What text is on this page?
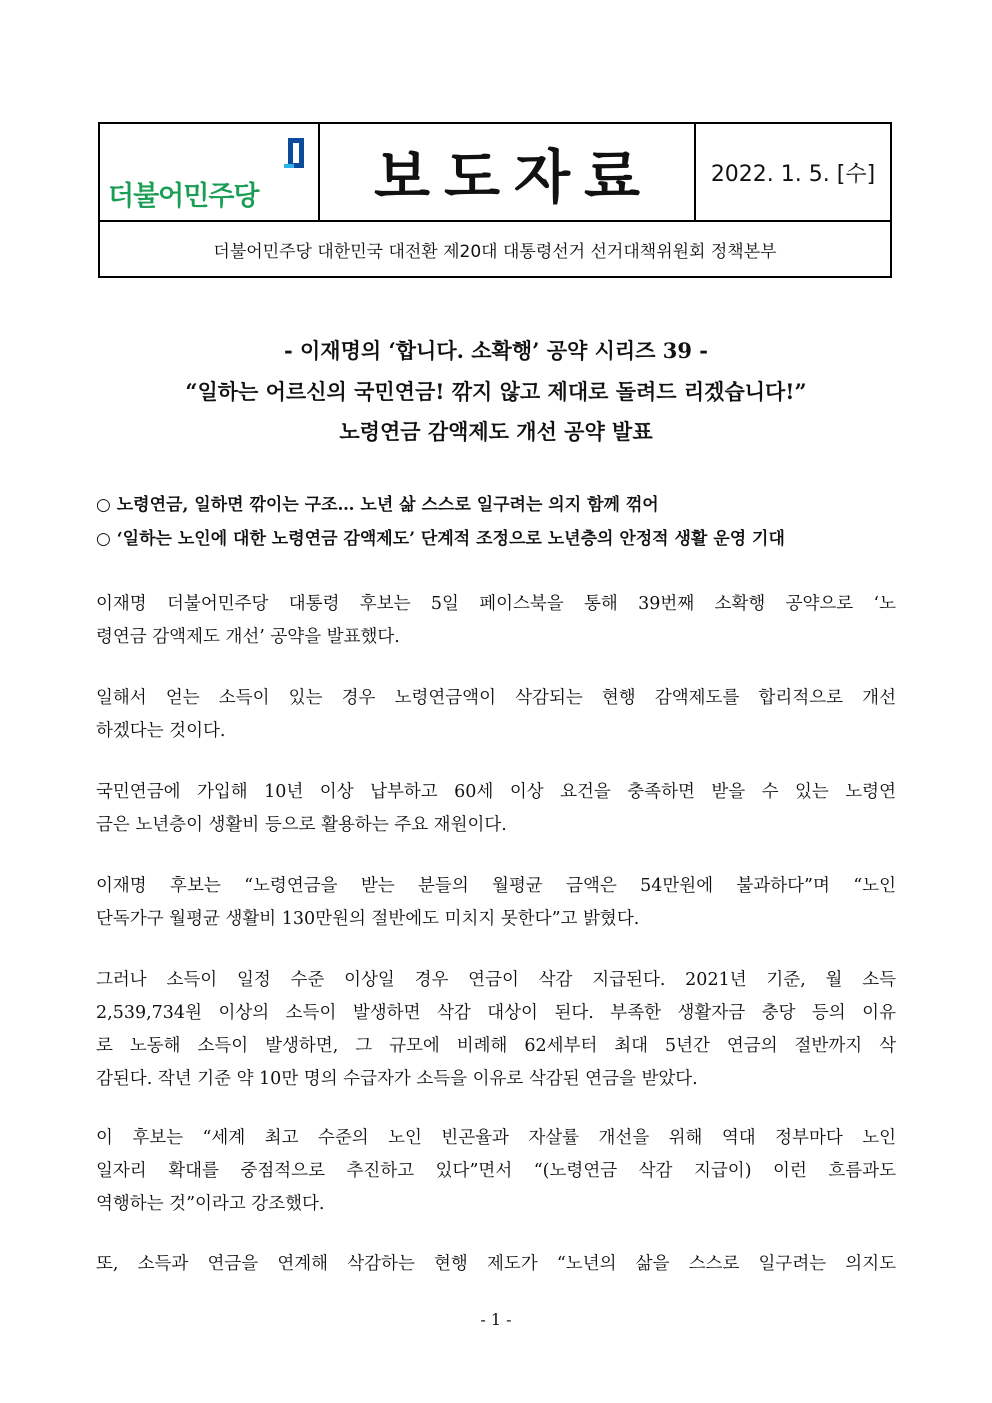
더불어민주당 보도자료	2022. 1. 5. [수]
더불어민주당 대한민국 대전환 제20대 대통령선거 선거대책위원회 정책본부
- 이재명의 ‘합니다. 소확행’ 공약 시리즈 39 -
“일하는 어르신의 국민연금! 깎지 않고 제대로 돌려드 리겠습니다!”
노령연금 감액제도 개선 공약 발표
○ 노령연금, 일하면 깎이는 구조… 노년 삶 스스로 일구려는 의지 함께 꺾어
○ ‘일하는 노인에 대한 노령연금 감액제도’ 단계적 조정으로 노년층의 안정적 생활 운영 기대
이재명 더불어민주당 대통령 후보는 5일 페이스북을 통해 39번째 소확행 공약으로 ‘노
령연금 감액제도 개선’ 공약을 발표했다.
일해서 얻는 소득이 있는 경우 노령연금액이 삭감되는 현행 감액제도를 합리적으로 개선
하겠다는 것이다.
국민연금에 가입해 10년 이상 납부하고 60세 이상 요건을 충족하면 받을 수 있는 노령연
금은 노년층이 생활비 등으로 활용하는 주요 재원이다.
이재명 후보는 “노령연금을 받는 분들의 월평균 금액은 54만원에 불과하다”며 “노인
단독가구 월평균 생활비 130만원의 절반에도 미치지 못한다”고 밝혔다.
그러나 소득이 일정 수준 이상일 경우 연금이 삭감 지급된다. 2021년 기준, 월 소득
2,539,734원 이상의 소득이 발생하면 삭감 대상이 된다. 부족한 생활자금 충당 등의 이유
로 노동해 소득이 발생하면, 그 규모에 비례해 62세부터 최대 5년간 연금의 절반까지 삭
감된다. 작년 기준 약 10만 명의 수급자가 소득을 이유로 삭감된 연금을 받았다.
이 후보는 “세계 최고 수준의 노인 빈곤율과 자살률 개선을 위해 역대 정부마다 노인
일자리 확대를 중점적으로 추진하고 있다”면서 “(노령연금 삭감 지급이) 이런 흐름과도
역행하는 것”이라고 강조했다.
또, 소득과 연금을 연계해 삭감하는 현행 제도가 “노년의 삶을 스스로 일구려는 의지도
- 1 -
